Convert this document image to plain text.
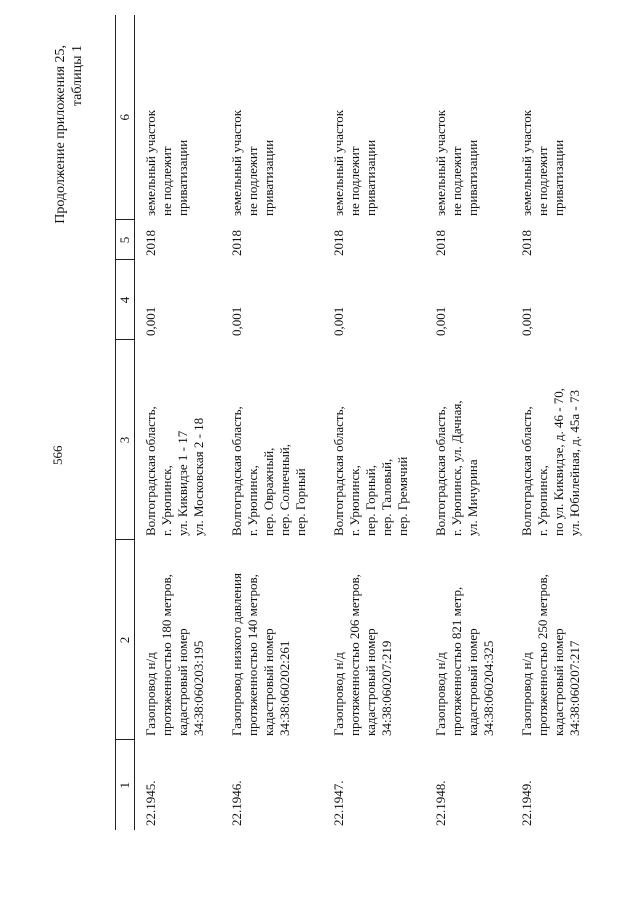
566
Продолжение приложения 25,
таблицы 1
1	2	3	4	5	6
22.1945.	Газопровод н/д
протяженностью 180 метров,
кадастровый номер
34:38:060203:195	Волгоградская область,
г. Урюпинск,
ул. Киквидзе 1 - 17
ул. Московская 2 - 18	0,001	2018	земельный участок
не подлежит
приватизации
22.1946.	Газопровод низкого давления
протяженностью 140 метров,
кадастровый номер
34:38:060202:261	Волгоградская область,
г. Урюпинск,
пер. Овражный,
пер. Солнечный,
пер. Горный	0,001	2018	земельный участок
не подлежит
приватизации
22.1947.	Газопровод н/д
протяженностью 206 метров,
кадастровый номер
34:38:060207:219	Волгоградская область,
г. Урюпинск,
пер. Горный,
пер. Таловый,
пер. Гремячий	0,001	2018	земельный участок
не подлежит
приватизации
22.1948.	Газопровод н/д
протяженностью 821 метр,
кадастровый номер
34:38:060204:325	Волгоградская область,
г. Урюпинск, ул. Дачная,
ул. Мичурина	0,001	2018	земельный участок
не подлежит
приватизации
22.1949.	Газопровод н/д
протяженностью 250 метров,
кадастровый номер
34:38:060207:217	Волгоградская область,
г. Урюпинск,
по ул. Киквидзе, д. 46 - 70,
ул. Юбилейная, д. 45а - 73	0,001	2018	земельный участок
не подлежит
приватизации
